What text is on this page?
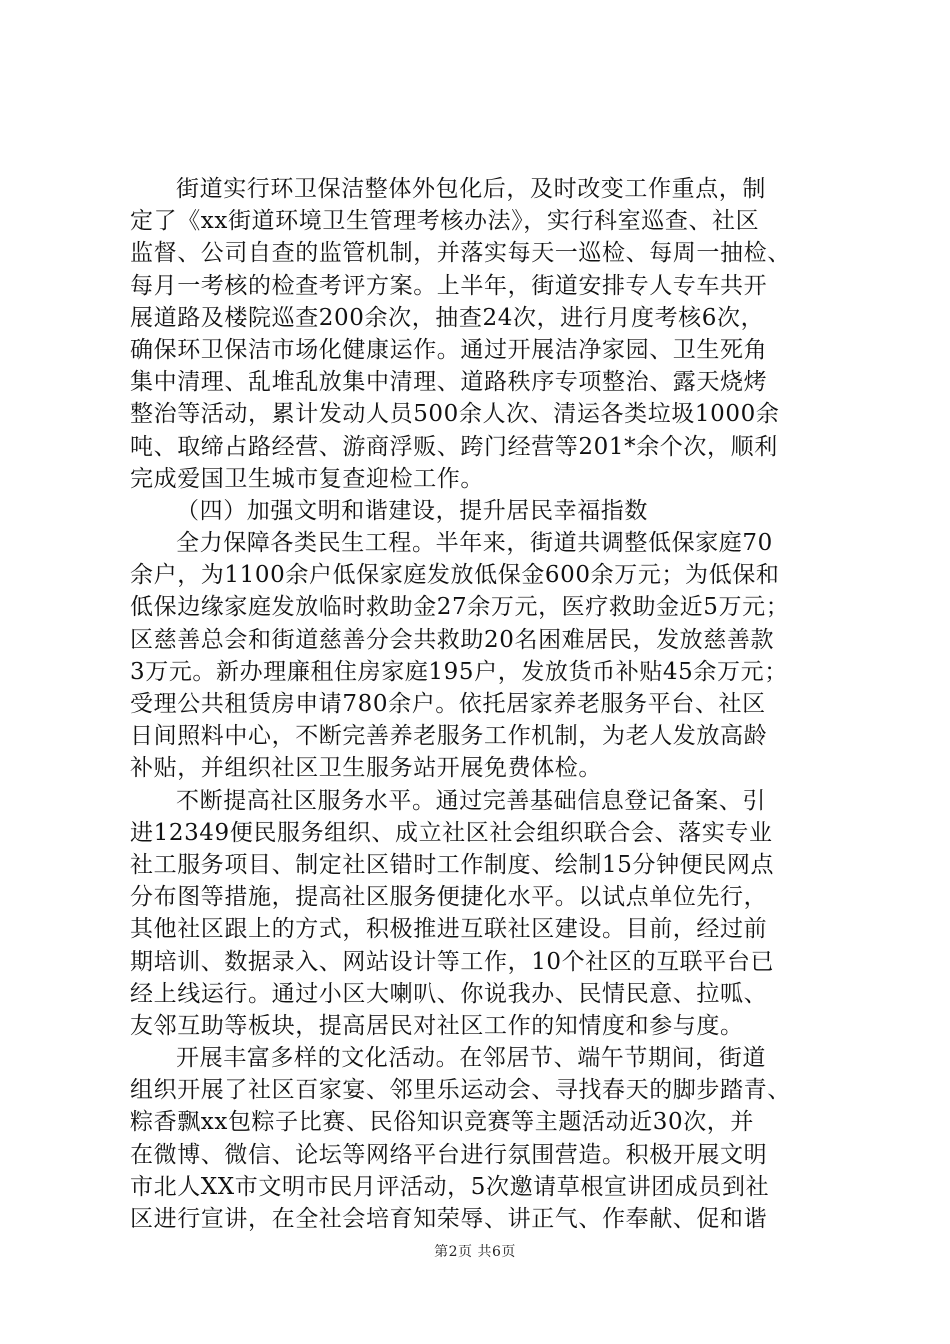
街道实行环卫保洁整体外包化后，及时改变工作重点，制
定了《xx街道环境卫生管理考核办法》，实行科室巡查、社区
监督、公司自查的监管机制，并落实每天一巡检、每周一抽检、
每月一考核的检查考评方案。上半年，街道安排专人专车共开
展道路及楼院巡查200余次，抽查24次，进行月度考核6次，
确保环卫保洁市场化健康运作。通过开展洁净家园、卫生死角
集中清理、乱堆乱放集中清理、道路秩序专项整治、露天烧烤
整治等活动，累计发动人员500余人次、清运各类垃圾1000余
吨、取缔占路经营、游商浮贩、跨门经营等201*余个次，顺利
完成爱国卫生城市复查迎检工作。
（四）加强文明和谐建设，提升居民幸福指数
全力保障各类民生工程。半年来，街道共调整低保家庭70
余户，为1100余户低保家庭发放低保金600余万元；为低保和
低保边缘家庭发放临时救助金27余万元，医疗救助金近5万元；
区慈善总会和街道慈善分会共救助20名困难居民，发放慈善款
3万元。新办理廉租住房家庭195户，发放货币补贴45余万元；
受理公共租赁房申请780余户。依托居家养老服务平台、社区
日间照料中心，不断完善养老服务工作机制，为老人发放高龄
补贴，并组织社区卫生服务站开展免费体检。
不断提高社区服务水平。通过完善基础信息登记备案、引
进12349便民服务组织、成立社区社会组织联合会、落实专业
社工服务项目、制定社区错时工作制度、绘制15分钟便民网点
分布图等措施，提高社区服务便捷化水平。以试点单位先行，
其他社区跟上的方式，积极推进互联社区建设。目前，经过前
期培训、数据录入、网站设计等工作，10个社区的互联平台已
经上线运行。通过小区大喇叭、你说我办、民情民意、拉呱、
友邻互助等板块，提高居民对社区工作的知情度和参与度。
开展丰富多样的文化活动。在邻居节、端午节期间，街道
组织开展了社区百家宴、邻里乐运动会、寻找春天的脚步踏青、
粽香飘xx包粽子比赛、民俗知识竞赛等主题活动近30次，并
在微博、微信、论坛等网络平台进行氛围营造。积极开展文明
市北人XX市文明市民月评活动，5次邀请草根宣讲团成员到社
区进行宣讲，在全社会培育知荣辱、讲正气、作奉献、促和谐
第2页 共6页
